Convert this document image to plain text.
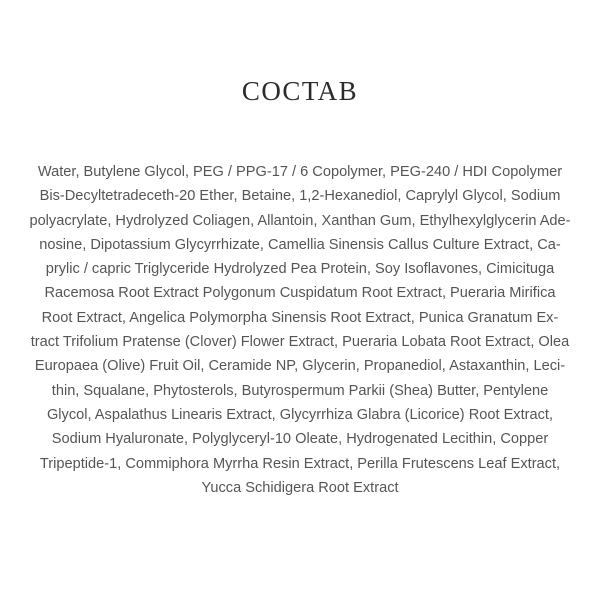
COCTAB
Water, Butylene Glycol, PEG / PPG-17 / 6 Copolymer, PEG-240 / HDI Copolymer
Bis-Decyltetradeceth-20 Ether, Betaine, 1,2-Hexanediol, Caprylyl Glycol, Sodium
polyacrylate, Hydrolyzed Coliagen, Allantoin, Xanthan Gum, Ethylhexylglycerin Ade-
nosine, Dipotassium Glycyrrhizate, Camellia Sinensis Callus Culture Extract, Ca-
prylic / capric Triglyceride Hydrolyzed Pea Protein, Soy Isoflavones, Cimicituga
Racemosa Root Extract Polygonum Cuspidatum Root Extract, Pueraria Mirifica
Root Extract, Angelica Polymorpha Sinensis Root Extract, Punica Granatum Ex-
tract Trifolium Pratense (Clover) Flower Extract, Pueraria Lobata Root Extract, Olea
Europaea (Olive) Fruit Oil, Ceramide NP, Glycerin, Propanediol, Astaxanthin, Leci-
thin, Squalane, Phytosterols, Butyrospermum Parkii (Shea) Butter, Pentylene
Glycol, Aspalathus Linearis Extract, Glycyrrhiza Glabra (Licorice) Root Extract,
Sodium Hyaluronate, Polyglyceryl-10 Oleate, Hydrogenated Lecithin, Copper
Tripeptide-1, Commiphora Myrrha Resin Extract, Perilla Frutescens Leaf Extract,
Yucca Schidigera Root Extract
